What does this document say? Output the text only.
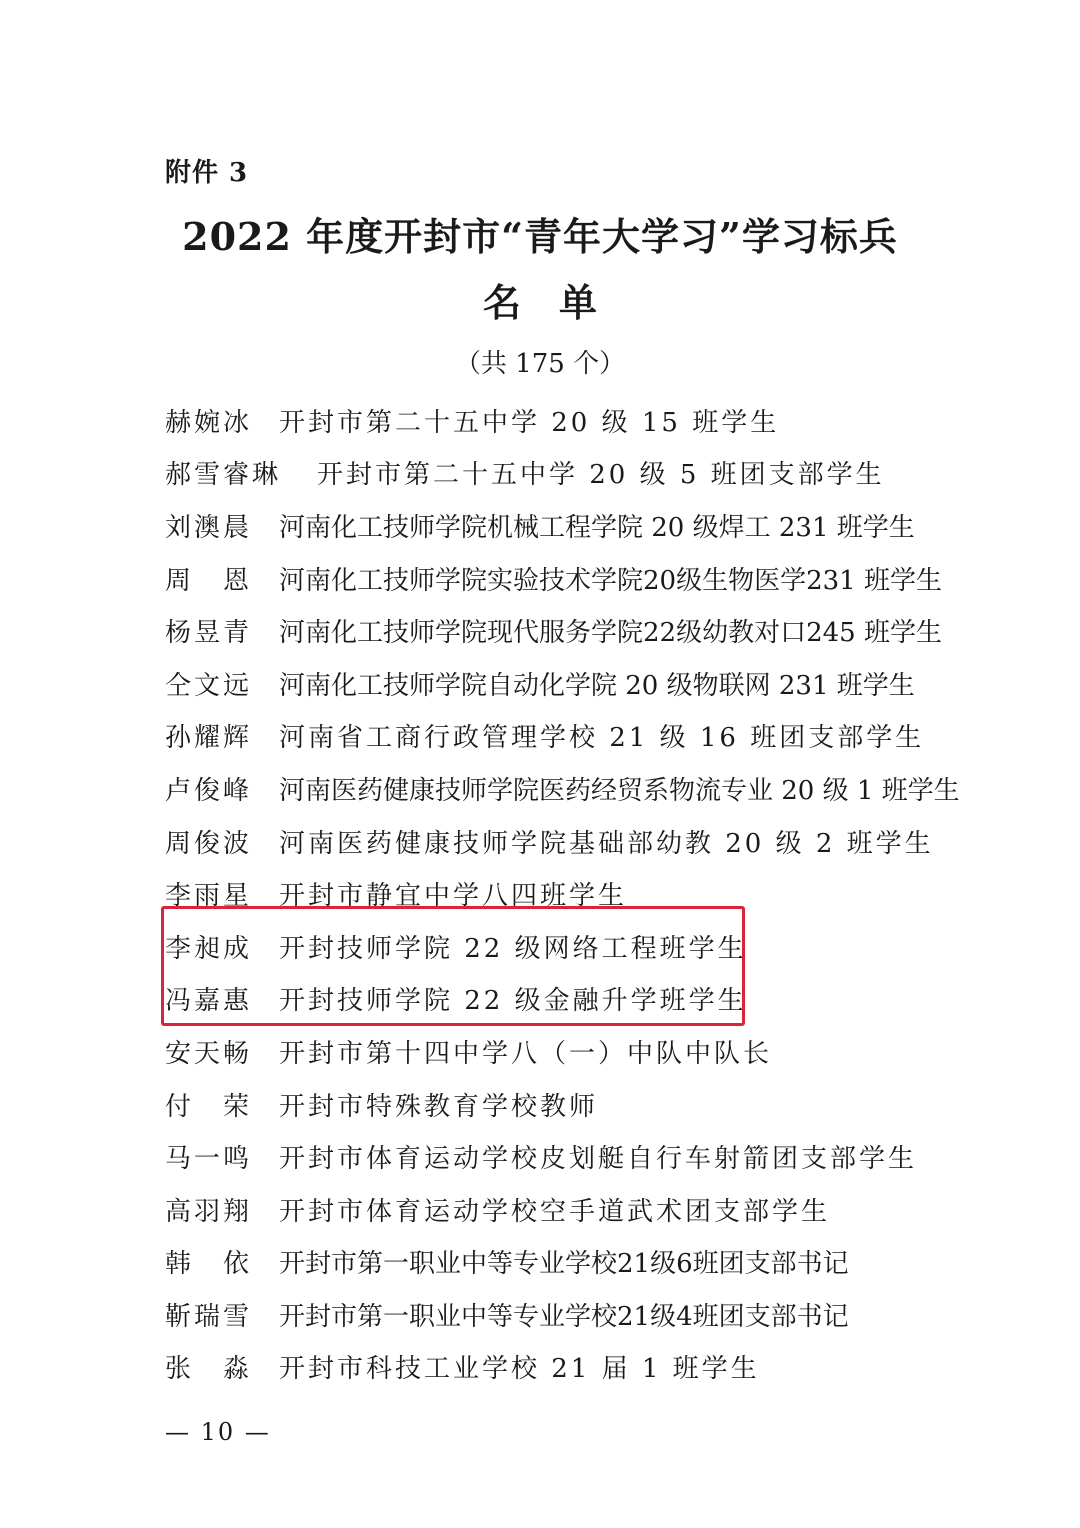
附件 3
2022 年度开封市“青年大学习”学习标兵
名单
（共 175 个）
赫婉冰	开封市第二十五中学 20 级 15 班学生
郝雪睿琳	开封市第二十五中学 20 级 5 班团支部学生
刘澳晨	河南化工技师学院机械工程学院 20 级焊工 231 班学生
周　恩	河南化工技师学院实验技术学院20级生物医学231 班学生
杨昱青	河南化工技师学院现代服务学院22级幼教对口245 班学生
仝文远	河南化工技师学院自动化学院 20 级物联网 231 班学生
孙耀辉	河南省工商行政管理学校 21 级 16 班团支部学生
卢俊峰	河南医药健康技师学院医药经贸系物流专业 20 级 1 班学生
周俊波	河南医药健康技师学院基础部幼教 20 级 2 班学生
李雨星	开封市静宜中学八四班学生
李昶成	开封技师学院 22 级网络工程班学生
冯嘉惠	开封技师学院 22 级金融升学班学生
安天畅	开封市第十四中学八（一）中队中队长
付　荣	开封市特殊教育学校教师
马一鸣	开封市体育运动学校皮划艇自行车射箭团支部学生
高羽翔	开封市体育运动学校空手道武术团支部学生
韩　依	开封市第一职业中等专业学校21级6班团支部书记
靳瑞雪	开封市第一职业中等专业学校21级4班团支部书记
张　淼	开封市科技工业学校 21 届 1 班学生
— 10 —
